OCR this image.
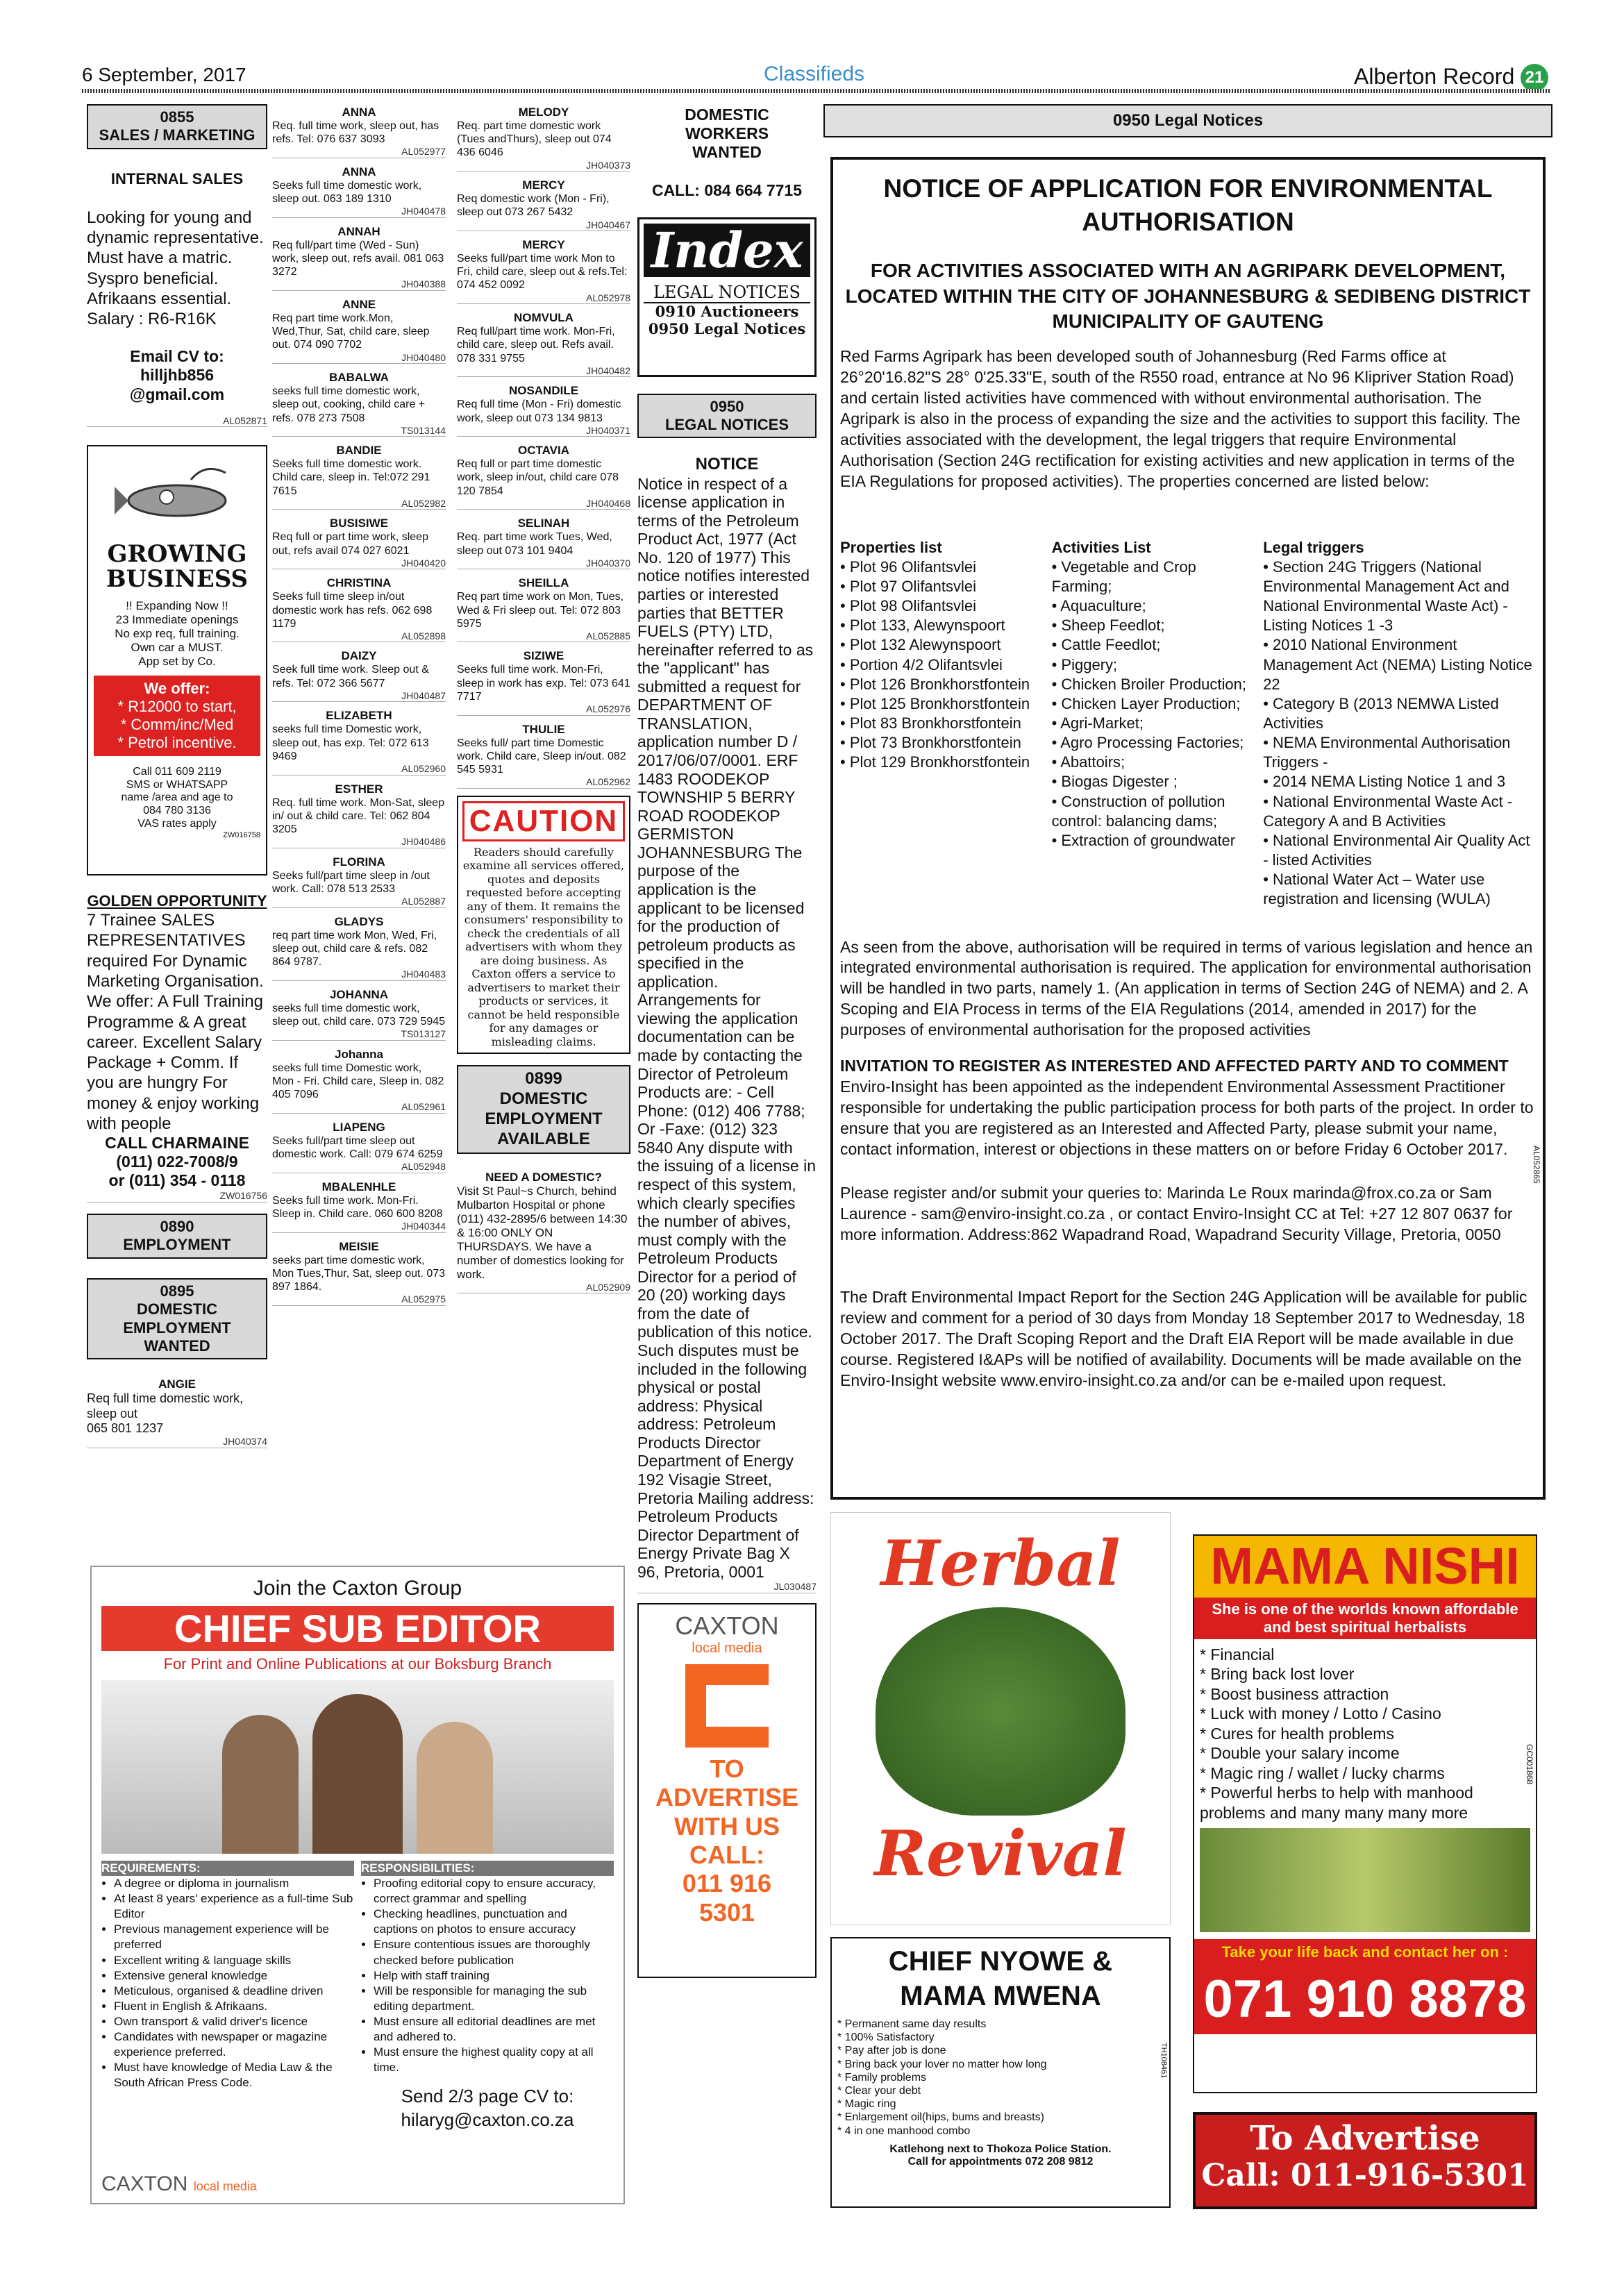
6 September, 2017	Classifieds	Alberton Record 21
0855
SALES / MARKETING
INTERNAL SALES
Looking for young and dynamic representative. Must have a matric. Syspro beneficial. Afrikaans essential. Salary : R6-R16K
Email CV to:
hilljhb856
@gmail.com
AL052871
GROWING BUSINESS
!! Expanding Now !!
23 Immediate openings
No exp req, full training.
Own car a MUST.
App set by Co.
We offer:
* R12000 to start,
* Comm/inc/Med
* Petrol incentive.
Call 011 609 2119
SMS or WHATSAPP
name /area and age to
084 780 3136
VAS rates apply
ZW016758
GOLDEN OPPORTUNITY
7 Trainee SALES REPRESENTATIVES required For Dynamic Marketing Organisation. We offer: A Full Training Programme & A great career. Excellent Salary Package + Comm. If you are hungry For money & enjoy working with people
CALL CHARMAINE
(011) 022-7008/9
or (011) 354 - 0118
ZW016756
0890
EMPLOYMENT
0895
DOMESTIC
EMPLOYMENT
WANTED
ANGIE
Req full time domestic work, sleep out
065 801 1237
JH040374
ANNA

Req. full time work, sleep out, has refs. Tel: 076 637 3093

AL052977
ANNA

Seeks full time domestic work, sleep out. 063 189 1310

JH040478
ANNAH

Req full/part time (Wed - Sun) work, sleep out, refs avail. 081 063 3272

JH040388
ANNE

Req part time work.Mon, Wed,Thur, Sat, child care, sleep out. 074 090 7702

JH040480
BABALWA

seeks full time domestic work, sleep out, cooking, child care + refs. 078 273 7508

TS013144
BANDIE

Seeks full time domestic work. Child care, sleep in. Tel:072 291 7615

AL052982
BUSISIWE

Req full or part time work, sleep out, refs avail 074 027 6021

JH040420
CHRISTINA

Seeks full time sleep in/out domestic work has refs. 062 698 1179

AL052898
DAIZY

Seek full time work. Sleep out & refs. Tel: 072 366 5677

JH040487
ELIZABETH

seeks full time Domestic work, sleep out, has exp. Tel: 072 613 9469

AL052960
ESTHER

Req. full time work. Mon-Sat, sleep in/ out & child care. Tel: 062 804 3205

JH040486
FLORINA

Seeks full/part time sleep in /out work. Call: 078 513 2533

AL052887
GLADYS

req part time work Mon, Wed, Fri, sleep out, child care & refs. 082 864 9787.

JH040483
JOHANNA

seeks full time domestic work, sleep out, child care. 073 729 5945

TS013127
Johanna

seeks full time Domestic work, Mon - Fri. Child care, Sleep in. 082 405 7096

AL052961
LIAPENG

Seeks full/part time sleep out domestic work. Call: 079 674 6259

AL052948
MBALENHLE

Seeks full time work. Mon-Fri. Sleep in. Child care. 060 600 8208

JH040344
MEISIE

seeks part time domestic work, Mon Tues,Thur, Sat, sleep out. 073 897 1864.

AL052975
MELODY

Req. part time domestic work (Tues andThurs), sleep out 074 436 6046

JH040373
MERCY

Req domestic work (Mon - Fri), sleep out 073 267 5432

JH040467
MERCY

Seeks full/part time work Mon to Fri, child care, sleep out & refs.Tel: 074 452 0092

AL052978
NOMVULA

Req full/part time work. Mon-Fri, child care, sleep out. Refs avail. 078 331 9755

JH040482
NOSANDILE

Req full time (Mon - Fri) domestic work, sleep out 073 134 9813

JH040371
OCTAVIA

Req full or part time domestic work, sleep in/out, child care 078 120 7854

JH040468
SELINAH

Req. part time work Tues, Wed, sleep out 073 101 9404

JH040370
SHEILLA

Req part time work on Mon, Tues, Wed & Fri sleep out. Tel: 072 803 5975

AL052885
SIZIWE

Seeks full time work. Mon-Fri, sleep in work has exp. Tel: 073 641 7717

AL052976
THULIE

Seeks full/ part time Domestic work. Child care, Sleep in/out. 082 545 5931

AL052962
CAUTION
Readers should carefully examine all services offered, quotes and deposits requested before accepting any of them. It remains the consumers' responsibility to check the credentials of all advertisers with whom they are doing business. As Caxton offers a service to advertisers to market their products or services, it cannot be held responsible for any damages or misleading claims.
0899
DOMESTIC
EMPLOYMENT
AVAILABLE
NEED A DOMESTIC?
Visit St Paul~s Church, behind Mulbarton Hospital or phone (011) 432-2895/6 between 14:30 & 16:00 ONLY ON THURSDAYS. We have a number of domestics looking for work.
AL052909
DOMESTIC
WORKERS
WANTED
CALL: 084 664 7715
Index
LEGAL NOTICES
0910 Auctioneers
0950 Legal Notices
0950
LEGAL NOTICES
NOTICE
Notice in respect of a license application in terms of the Petroleum Product Act, 1977 (Act No. 120 of 1977) This notice notifies interested parties or interested parties that BETTER FUELS (PTY) LTD, hereinafter referred to as the "applicant" has submitted a request for DEPARTMENT OF TRANSLATION, application number D / 2017/06/07/0001. ERF 1483 ROODEKOP TOWNSHIP 5 BERRY ROAD ROODEKOP GERMISTON JOHANNESBURG The purpose of the application is the applicant to be licensed for the production of petroleum products as specified in the application. Arrangements for viewing the application documentation can be made by contacting the Director of Petroleum Products are: - Cell Phone: (012) 406 7788; Or -Faxe: (012) 323 5840 Any dispute with the issuing of a license in respect of this system, which clearly specifies the number of abives, must comply with the Petroleum Products Director for a period of 20 (20) working days from the date of publication of this notice. Such disputes must be included in the following physical or postal address: Physical address: Petroleum Products Director Department of Energy 192 Visagie Street, Pretoria Mailing address: Petroleum Products Director Department of Energy Private Bag X 96, Pretoria, 0001
JL030487
CAXTON
local media
TO
ADVERTISE
WITH US
CALL:
011 916
5301
0950 Legal Notices
NOTICE OF APPLICATION FOR ENVIRONMENTAL AUTHORISATION
FOR ACTIVITIES ASSOCIATED WITH AN AGRIPARK DEVELOPMENT, LOCATED WITHIN THE CITY OF JOHANNESBURG & SEDIBENG DISTRICT MUNICIPALITY OF GAUTENG
Red Farms Agripark has been developed south of Johannesburg (Red Farms office at 26°20'16.82"S 28° 0'25.33"E, south of the R550 road, entrance at No 96 Klipriver Station Road) and certain listed activities have commenced with without environmental authorisation. The Agripark is also in the process of expanding the size and the activities to support this facility. The activities associated with the development, the legal triggers that require Environmental Authorisation (Section 24G rectification for existing activities and new application in terms of the EIA Regulations for proposed activities). The properties concerned are listed below:
Properties list
• Plot 96 Olifantsvlei
• Plot 97 Olifantsvlei
• Plot 98 Olifantsvlei
• Plot 133, Alewynspoort
• Plot 132 Alewynspoort
• Portion 4/2 Olifantsvlei
• Plot 126 Bronkhorstfontein
• Plot 125 Bronkhorstfontein
• Plot 83 Bronkhorstfontein
• Plot 73 Bronkhorstfontein
• Plot 129 Bronkhorstfontein
Activities List
• Vegetable and Crop Farming;
• Aquaculture;
• Sheep Feedlot;
• Cattle Feedlot;
• Piggery;
• Chicken Broiler Production;
• Chicken Layer Production;
• Agri-Market;
• Agro Processing Factories;
• Abattoirs;
• Biogas Digester ;
• Construction of pollution control: balancing dams;
• Extraction of groundwater
Legal triggers
• Section 24G Triggers (National Environmental Management Act and National Environmental Waste Act) - Listing Notices 1 -3
• 2010 National Environment Management Act (NEMA) Listing Notice 22
• Category B (2013 NEMWA Listed Activities
• NEMA Environmental Authorisation Triggers -
• 2014 NEMA Listing Notice 1 and 3
• National Environmental Waste Act - Category A and B Activities
• National Environmental Air Quality Act - listed Activities
• National Water Act – Water use registration and licensing (WULA)
As seen from the above, authorisation will be required in terms of various legislation and hence an integrated environmental authorisation is required. The application for environmental authorisation will be handled in two parts, namely 1. (An application in terms of Section 24G of NEMA) and 2. A Scoping and EIA Process in terms of the EIA Regulations (2014, amended in 2017) for the purposes of environmental authorisation for the proposed activities
INVITATION TO REGISTER AS INTERESTED AND AFFECTED PARTY AND TO COMMENT
Enviro-Insight has been appointed as the independent Environmental Assessment Practitioner responsible for undertaking the public participation process for both parts of the project. In order to ensure that you are registered as an Interested and Affected Party, please submit your name, contact information, interest or objections in these matters on or before Friday 6 October 2017.
Please register and/or submit your queries to: Marinda Le Roux marinda@frox.co.za or Sam Laurence - sam@enviro-insight.co.za , or contact Enviro-Insight CC at Tel: +27 12 807 0637 for more information. Address:862 Wapadrand Road, Wapadrand Security Village, Pretoria, 0050
The Draft Environmental Impact Report for the Section 24G Application will be available for public review and comment for a period of 30 days from Monday 18 September 2017 to Wednesday, 18 October 2017. The Draft Scoping Report and the Draft EIA Report will be made available in due course. Registered I&APs will be notified of availability. Documents will be made available on the Enviro-Insight website www.enviro-insight.co.za and/or can be e-mailed upon request.
AL052865
Join the Caxton Group
CHIEF SUB EDITOR
For Print and Online Publications at our Boksburg Branch
REQUIREMENTS:
• A degree or diploma in journalism
• At least 8 years' experience as a full-time Sub Editor
• Previous management experience will be preferred
• Excellent writing & language skills
• Extensive general knowledge
• Meticulous, organised & deadline driven
• Fluent in English & Afrikaans.
• Own transport & valid driver's licence
• Candidates with newspaper or magazine experience preferred.
• Must have knowledge of Media Law & the South African Press Code.
RESPONSIBILITIES:
• Proofing editorial copy to ensure accuracy, correct grammar and spelling
• Checking headlines, punctuation and captions on photos to ensure accuracy
• Ensure contentious issues are thoroughly checked before publication
• Help with staff training
• Will be responsible for managing the sub editing department.
• Must ensure all editorial deadlines are met and adhered to.
• Must ensure the highest quality copy at all time.
Send 2/3 page CV to:
hilaryg@caxton.co.za
CAXTON local media
Herbal
Revival
CHIEF NYOWE &
MAMA MWENA
* Permanent same day results
* 100% Satisfactory
* Pay after job is done
* Bring back your lover no matter how long
* Family problems
* Clear your debt
* Magic ring
* Enlargement oil(hips, bums and breasts)
* 4 in one manhood combo
Katlehong next to Thokoza Police Station.
Call for appointments 072 208 9812
TH108461
MAMA NISHI
She is one of the worlds known affordable and best spiritual herbalists
* Financial
* Bring back lost lover
* Boost business attraction
* Luck with money / Lotto / Casino
* Cures for health problems
* Double your salary income
* Magic ring / wallet / lucky charms
* Powerful herbs to help with manhood problems and many many many more
Take your life back and contact her on :
071 910 8878
GC001868
To Advertise
Call: 011-916-5301
